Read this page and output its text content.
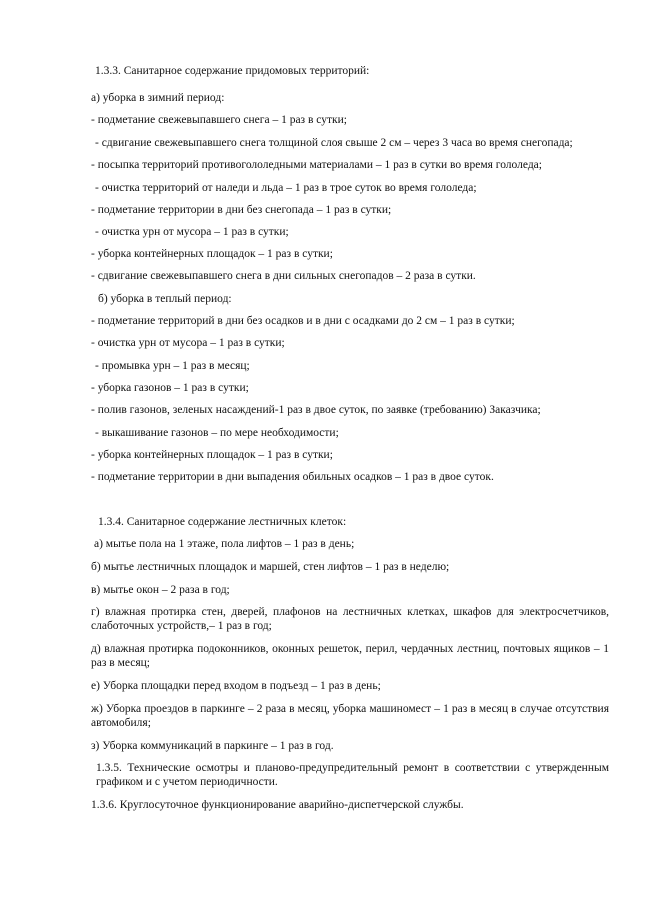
1.3.3. Санитарное содержание придомовых территорий:
а) уборка в зимний период:
- подметание свежевыпавшего снега – 1 раз в сутки;
- сдвигание свежевыпавшего снега толщиной слоя свыше 2 см – через 3 часа во время снегопада;
- посыпка территорий противогололедными материалами – 1 раз в сутки во время гололеда;
- очистка территорий от наледи и льда – 1 раз в трое суток во время гололеда;
- подметание территории в дни без снегопада – 1 раз в сутки;
- очистка урн от мусора – 1 раз в сутки;
- уборка контейнерных площадок – 1 раз в сутки;
- сдвигание свежевыпавшего снега в дни сильных снегопадов – 2 раза в сутки.
б) уборка в теплый период:
- подметание территорий в дни без осадков и в дни с осадками до 2 см – 1 раз в сутки;
- очистка урн от мусора – 1 раз в сутки;
- промывка урн – 1 раз в месяц;
- уборка газонов – 1 раз в сутки;
- полив газонов, зеленых насаждений-1 раз в двое суток, по заявке (требованию) Заказчика;
- выкашивание газонов – по мере необходимости;
- уборка контейнерных площадок – 1 раз в сутки;
- подметание территории в дни выпадения обильных осадков – 1 раз в двое суток.
1.3.4. Санитарное содержание лестничных клеток:
а) мытье пола на 1 этаже, пола лифтов – 1 раз в день;
б) мытье лестничных площадок и маршей, стен лифтов – 1 раз в неделю;
в) мытье окон – 2 раза в год;
г) влажная протирка стен, дверей, плафонов на лестничных клетках, шкафов для электросчетчиков, слаботочных устройств,– 1 раз в год;
д) влажная протирка подоконников, оконных решеток, перил, чердачных лестниц, почтовых ящиков – 1 раз в месяц;
е) Уборка площадки перед входом в подъезд – 1 раз в день;
ж) Уборка проездов в паркинге – 2 раза в месяц, уборка машиномест – 1 раз в месяц в случае отсутствия автомобиля;
з) Уборка коммуникаций в паркинге – 1 раз в год.
1.3.5. Технические осмотры и планово-предупредительный ремонт в соответствии с утвержденным графиком и с учетом периодичности.
1.3.6. Круглосуточное функционирование аварийно-диспетчерской службы.
